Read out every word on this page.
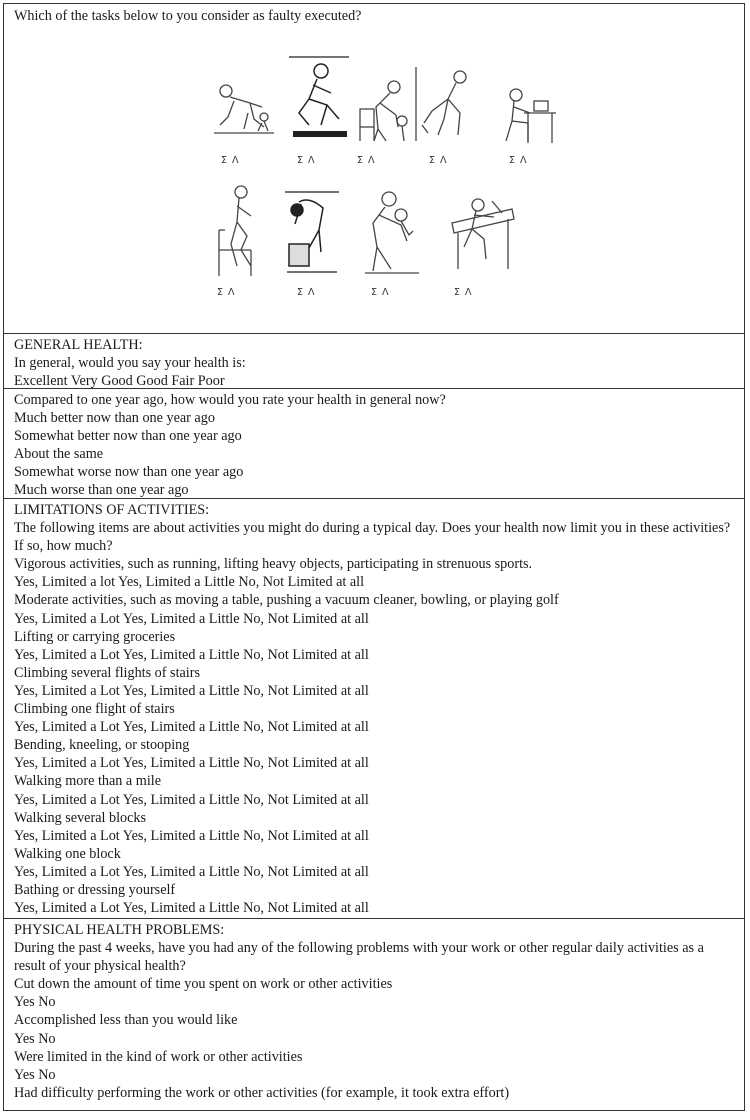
Which of the tasks below to you consider as faulty executed?
Σ Λ	Σ Λ	Σ Λ	Σ Λ	Σ Λ
Σ Λ	Σ Λ	Σ Λ	Σ Λ
GENERAL HEALTH:
In general, would you say your health is:
Excellent Very Good Good Fair Poor
Compared to one year ago, how would you rate your health in general now?
Much better now than one year ago
Somewhat better now than one year ago
About the same
Somewhat worse now than one year ago
Much worse than one year ago
LIMITATIONS OF ACTIVITIES:
The following items are about activities you might do during a typical day. Does your health now limit you in these activities? If so, how much?
Vigorous activities, such as running, lifting heavy objects, participating in strenuous sports.
Yes, Limited a lot Yes, Limited a Little No, Not Limited at all
Moderate activities, such as moving a table, pushing a vacuum cleaner, bowling, or playing golf
Yes, Limited a Lot Yes, Limited a Little No, Not Limited at all
Lifting or carrying groceries
Yes, Limited a Lot Yes, Limited a Little No, Not Limited at all
Climbing several flights of stairs
Yes, Limited a Lot Yes, Limited a Little No, Not Limited at all
Climbing one flight of stairs
Yes, Limited a Lot Yes, Limited a Little No, Not Limited at all
Bending, kneeling, or stooping
Yes, Limited a Lot Yes, Limited a Little No, Not Limited at all
Walking more than a mile
Yes, Limited a Lot Yes, Limited a Little No, Not Limited at all
Walking several blocks
Yes, Limited a Lot Yes, Limited a Little No, Not Limited at all
Walking one block
Yes, Limited a Lot Yes, Limited a Little No, Not Limited at all
Bathing or dressing yourself
Yes, Limited a Lot Yes, Limited a Little No, Not Limited at all
PHYSICAL HEALTH PROBLEMS:
During the past 4 weeks, have you had any of the following problems with your work or other regular daily activities as a result of your physical health?
Cut down the amount of time you spent on work or other activities
Yes No
Accomplished less than you would like
Yes No
Were limited in the kind of work or other activities
Yes No
Had difficulty performing the work or other activities (for example, it took extra effort)
